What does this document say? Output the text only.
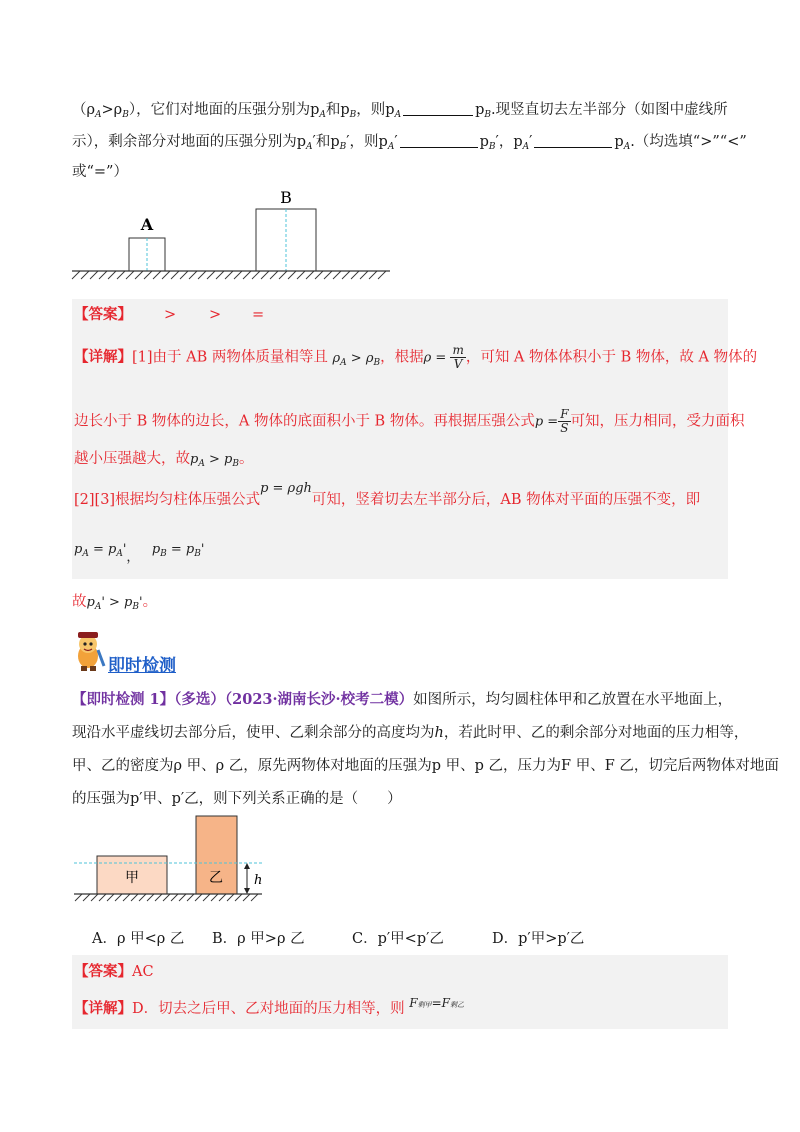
$(\rho_A>\rho_B)$，它们对地面的压强分别为$p_A$和$p_B$，则$p_A$	$p_B$.现竖直切去左半部分（如图中虚线所
示），剩余部分对地面的压强分别为$p_A'$和$p_B'$，则$p_A'$	$p_B'$，$p_A'$	$p_A$.（均选填“>”“<”
或“=”）
A
B
【答案】 > > =
【详解】[1]由于 AB 两物体质量相等且 $\rho_A > \rho_B$，根据$\rho = \frac{m}{V}$ ，可知 A 物体体积小于 B 物体，故 A 物体的
边长小于 B 物体的边长，A 物体的底面积小于 B 物体。再根据压强公式$p = \frac{F}{S}$ 可知，压力相同，受力面积
越小压强越大，故$p_A > p_B$。
[2][3]根据均匀柱体压强公式p = ρgh可知，竖着切去左半部分后，AB 物体对平面的压强不变，即
$p_A = p_A'$，   $p_B = p_B'$
故$p_A' > p_B'$。
即时检测
【即时检测 1】（多选）（2023·湖南长沙·校考二模）如图所示，均匀圆柱体甲和乙放置在水平地面上，
现沿水平虚线切去部分后，使甲、乙剩余部分的高度均为h，若此时甲、乙的剩余部分对地面的压力相等，
甲、乙的密度为ρ 甲、ρ 乙，原先两物体对地面的压强为p 甲、p 乙，压力为F 甲、F 乙，切完后两物体对地面
的压强为p′甲、p′乙，则下列关系正确的是（　　）
甲	乙 h
A．ρ 甲<ρ 乙 B．ρ 甲>ρ 乙	C．p′甲<p′乙	D．p′甲>p′乙
【答案】AC
【详解】D．切去之后甲、乙对地面的压力相等，则 $^{F剩甲=F剩乙}$
